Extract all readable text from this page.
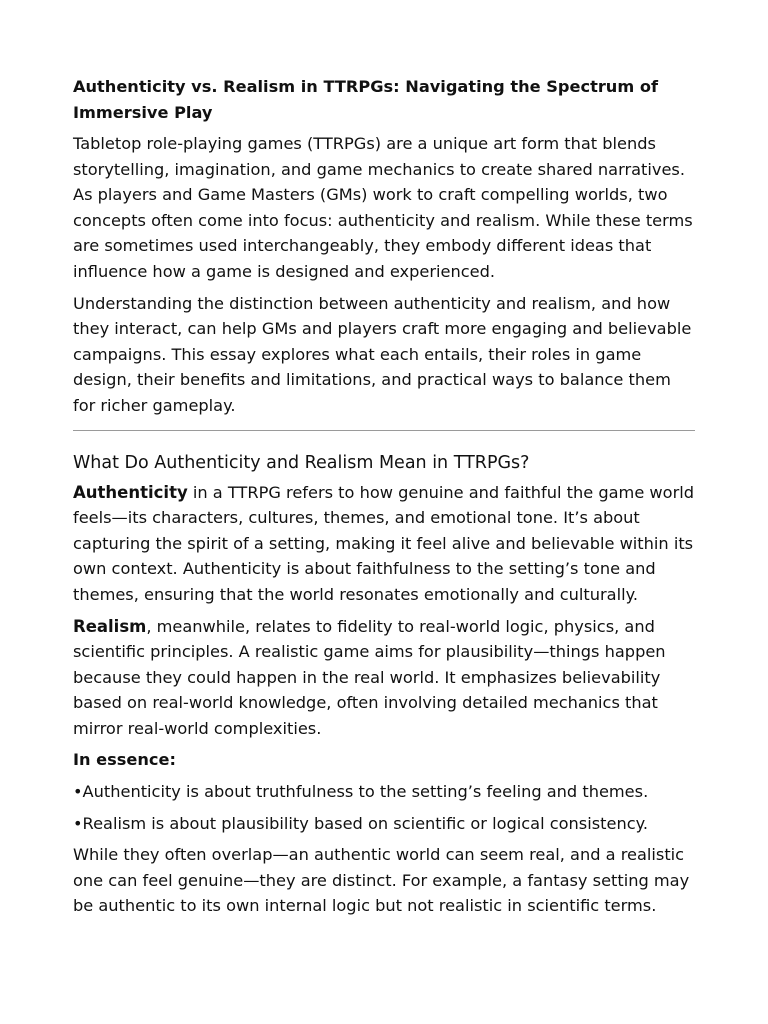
Authenticity vs. Realism in TTRPGs: Navigating the Spectrum of Immersive Play

Tabletop role-playing games (TTRPGs) are a unique art form that blends storytelling, imagination, and game mechanics to create shared narratives. As players and Game Masters (GMs) work to craft compelling worlds, two concepts often come into focus: authenticity and realism. While these terms are sometimes used interchangeably, they embody different ideas that influence how a game is designed and experienced.

Understanding the distinction between authenticity and realism, and how they interact, can help GMs and players craft more engaging and believable campaigns. This essay explores what each entails, their roles in game design, their benefits and limitations, and practical ways to balance them for richer gameplay.

What Do Authenticity and Realism Mean in TTRPGs?

Authenticity in a TTRPG refers to how genuine and faithful the game world feels—its characters, cultures, themes, and emotional tone. It’s about capturing the spirit of a setting, making it feel alive and believable within its own context. Authenticity is about faithfulness to the setting’s tone and themes, ensuring that the world resonates emotionally and culturally.

Realism, meanwhile, relates to fidelity to real-world logic, physics, and scientific principles. A realistic game aims for plausibility—things happen because they could happen in the real world. It emphasizes believability based on real-world knowledge, often involving detailed mechanics that mirror real-world complexities.

In essence:

•Authenticity is about truthfulness to the setting’s feeling and themes.

•Realism is about plausibility based on scientific or logical consistency.

While they often overlap—an authentic world can seem real, and a realistic one can feel genuine—they are distinct. For example, a fantasy setting may be authentic to its own internal logic but not realistic in scientific terms.
